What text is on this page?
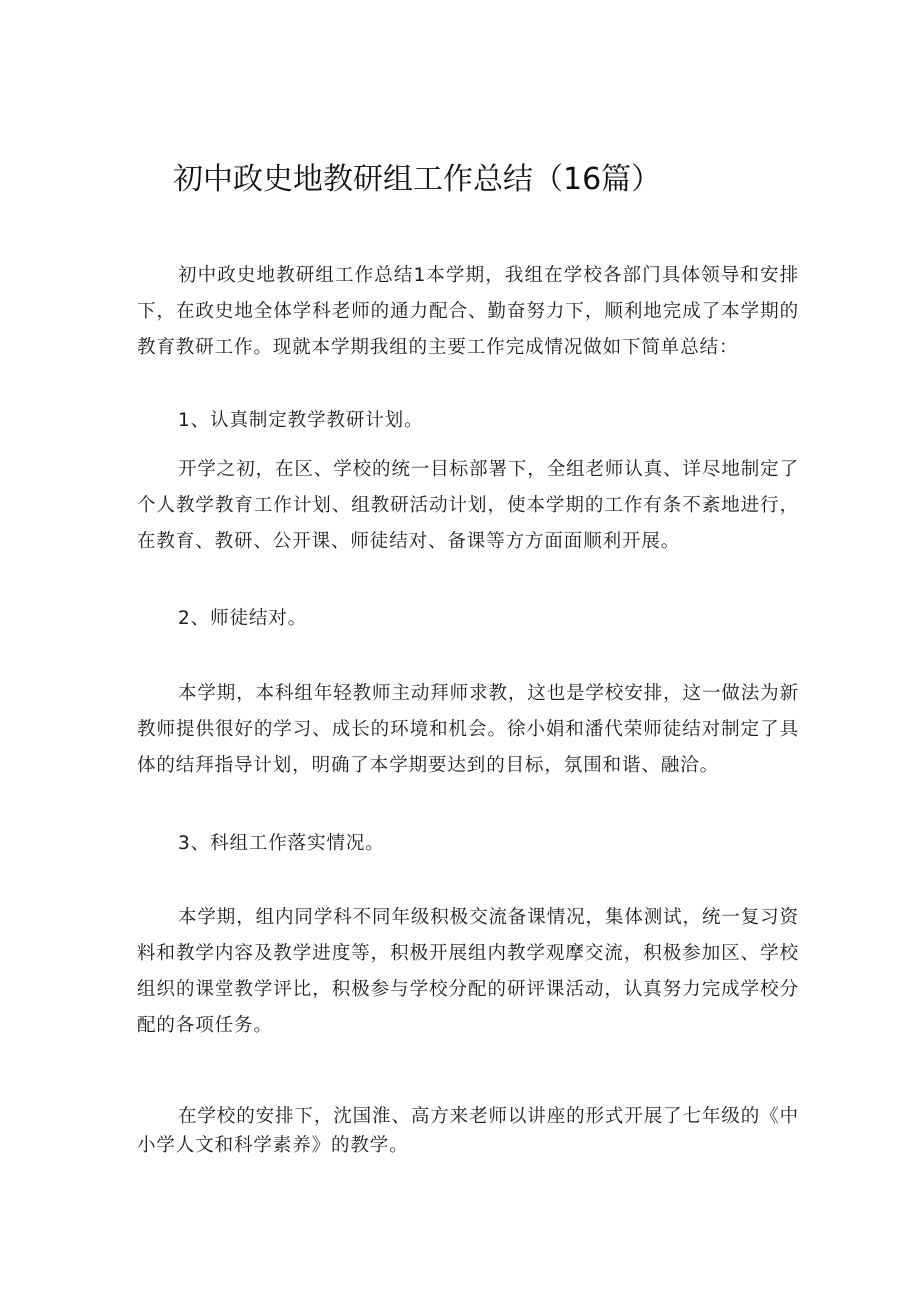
初中政史地教研组工作总结（16篇）

初中政史地教研组工作总结1本学期，我组在学校各部门具体领导和安排下，在政史地全体学科老师的通力配合、勤奋努力下，顺利地完成了本学期的教育教研工作。现就本学期我组的主要工作完成情况做如下简单总结：

1、认真制定教学教研计划。

开学之初，在区、学校的统一目标部署下，全组老师认真、详尽地制定了个人教学教育工作计划、组教研活动计划，使本学期的工作有条不紊地进行，在教育、教研、公开课、师徒结对、备课等方方面面顺利开展。

2、师徒结对。

本学期，本科组年轻教师主动拜师求教，这也是学校安排，这一做法为新教师提供很好的学习、成长的环境和机会。徐小娟和潘代荣师徒结对制定了具体的结拜指导计划，明确了本学期要达到的目标，氛围和谐、融洽。

3、科组工作落实情况。

本学期，组内同学科不同年级积极交流备课情况，集体测试，统一复习资料和教学内容及教学进度等，积极开展组内教学观摩交流，积极参加区、学校组织的课堂教学评比，积极参与学校分配的研评课活动，认真努力完成学校分配的各项任务。

在学校的安排下，沈国淮、高方来老师以讲座的形式开展了七年级的《中小学人文和科学素养》的教学。
